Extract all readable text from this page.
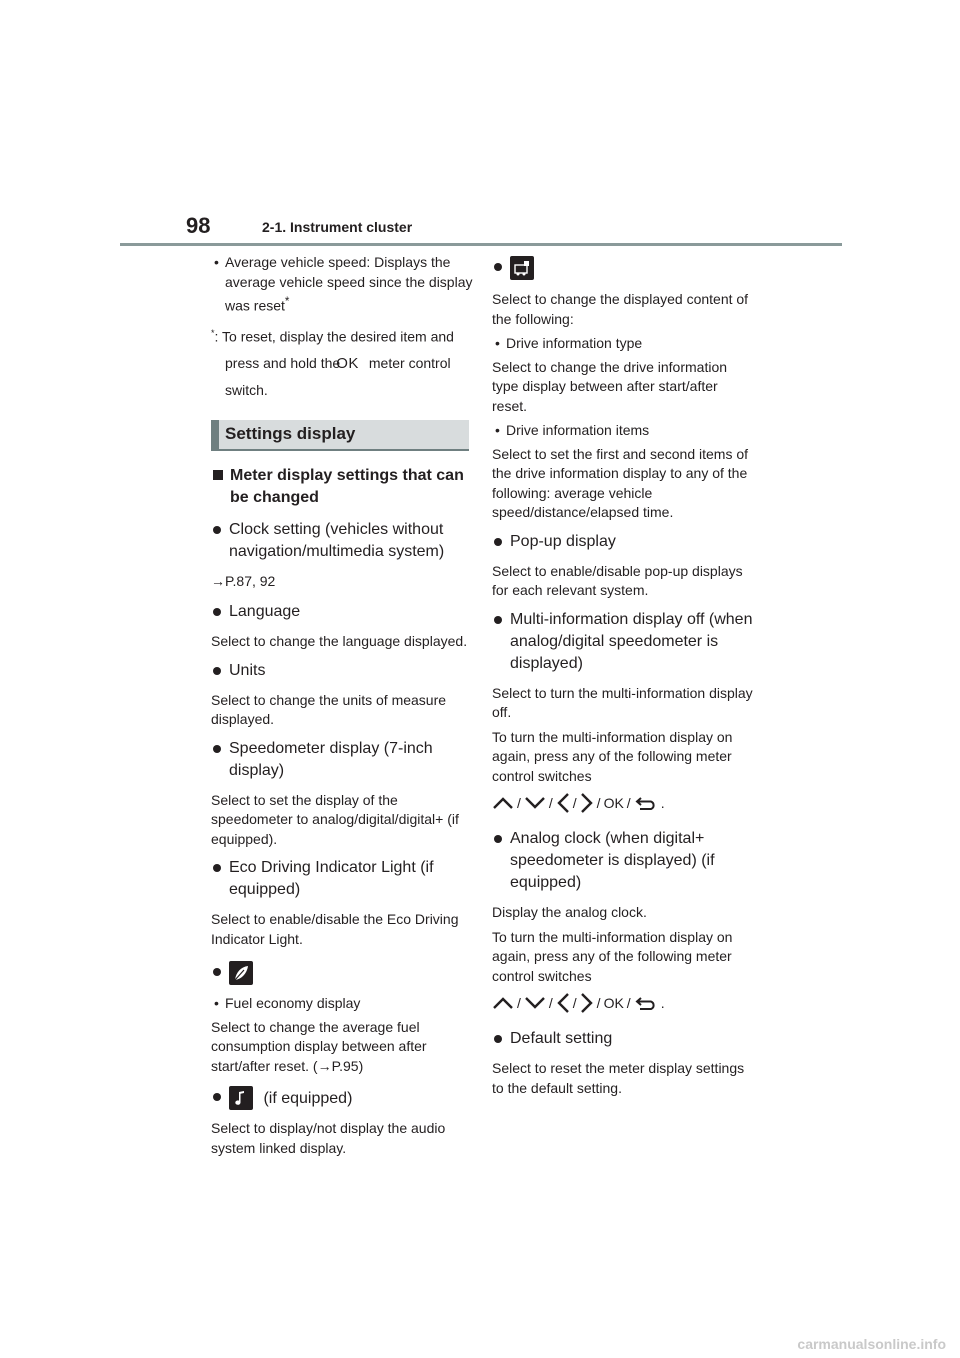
98	2-1. Instrument cluster
• Average vehicle speed: Displays the average vehicle speed since the display was reset*
*: To reset, display the desired item and press and hold theOK meter control switch.
Settings display
Meter display settings that can be changed
Clock setting (vehicles without navigation/multimedia system)
→P.87, 92
Language
Select to change the language displayed.
Units
Select to change the units of measure displayed.
Speedometer display (7-inch display)
Select to set the display of the speedometer to analog/digital/digital+ (if equipped).
Eco Driving Indicator Light (if equipped)
Select to enable/disable the Eco Driving Indicator Light.
• Fuel economy display
Select to change the average fuel consumption display between after start/after reset. (→P.95)
(if equipped)
Select to display/not display the audio system linked display.
Select to change the displayed content of the following:
• Drive information type
Select to change the drive information type display between after start/after reset.
• Drive information items
Select to set the first and second items of the drive information display to any of the following: average vehicle speed/distance/elapsed time.
Pop-up display
Select to enable/disable pop-up displays for each relevant system.
Multi-information display off (when analog/digital speedometer is displayed)
Select to turn the multi-information display off.
To turn the multi-information display on again, press any of the following meter control switches
/ / / / OK / .
Analog clock (when digital+ speedometer is displayed) (if equipped)
Display the analog clock.
To turn the multi-information display on again, press any of the following meter control switches
/ / / / OK / .
Default setting
Select to reset the meter display settings to the default setting.
carmanualsonline.info
